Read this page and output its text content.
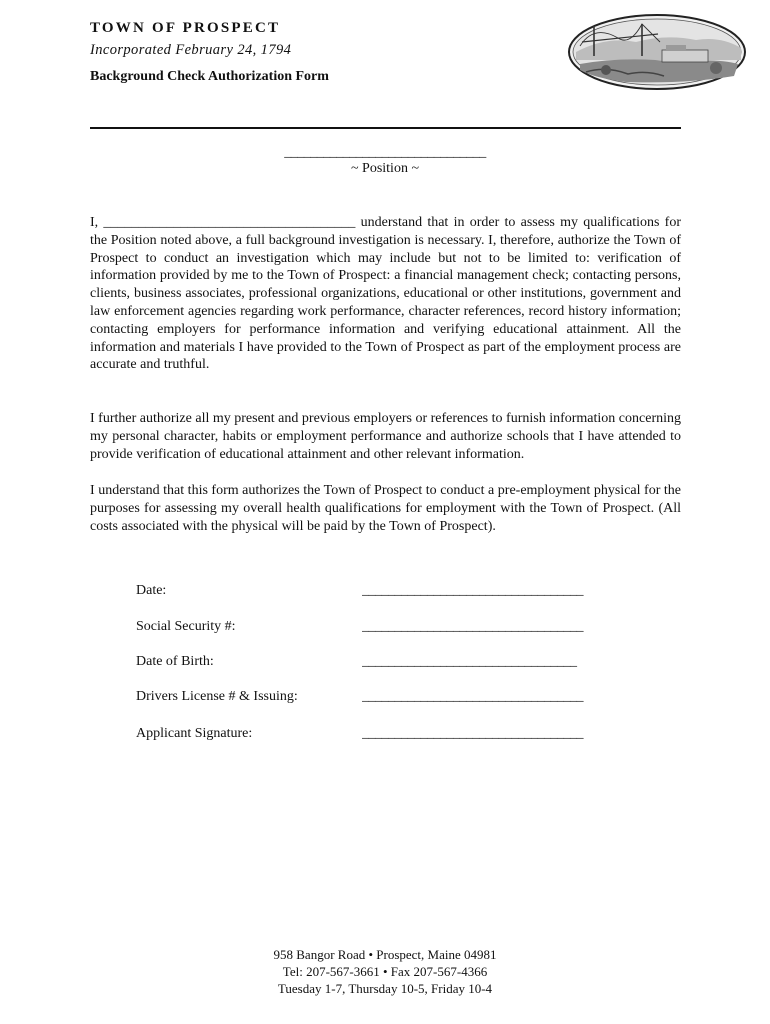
TOWN OF PROSPECT
Incorporated February 24, 1794
Background Check Authorization Form
_______________________________
~ Position ~
I, ____________________________________ understand that in order to assess my qualifications for the Position noted above, a full background investigation is necessary. I, therefore, authorize the Town of Prospect to conduct an investigation which may include but not to be limited to: verification of information provided by me to the Town of Prospect: a financial management check; contacting persons, clients, business associates, professional organizations, educational or other institutions, government and law enforcement agencies regarding work performance, character references, record history information; contacting employers for performance information and verifying educational attainment. All the information and materials I have provided to the Town of Prospect as part of the employment process are accurate and truthful.
I further authorize all my present and previous employers or references to furnish information concerning my personal character, habits or employment performance and authorize schools that I have attended to provide verification of educational attainment and other relevant information.
I understand that this form authorizes the Town of Prospect to conduct a pre-employment physical for the purposes for assessing my overall health qualifications for employment with the Town of Prospect. (All costs associated with the physical will be paid by the Town of Prospect).
Date:	__________________________________
Social Security #:	__________________________________
Date of Birth:	_________________________________
Drivers License # & Issuing:	__________________________________
Applicant Signature:	__________________________________
958 Bangor Road • Prospect, Maine 04981
Tel: 207-567-3661 • Fax 207-567-4366
Tuesday 1-7, Thursday 10-5, Friday 10-4
